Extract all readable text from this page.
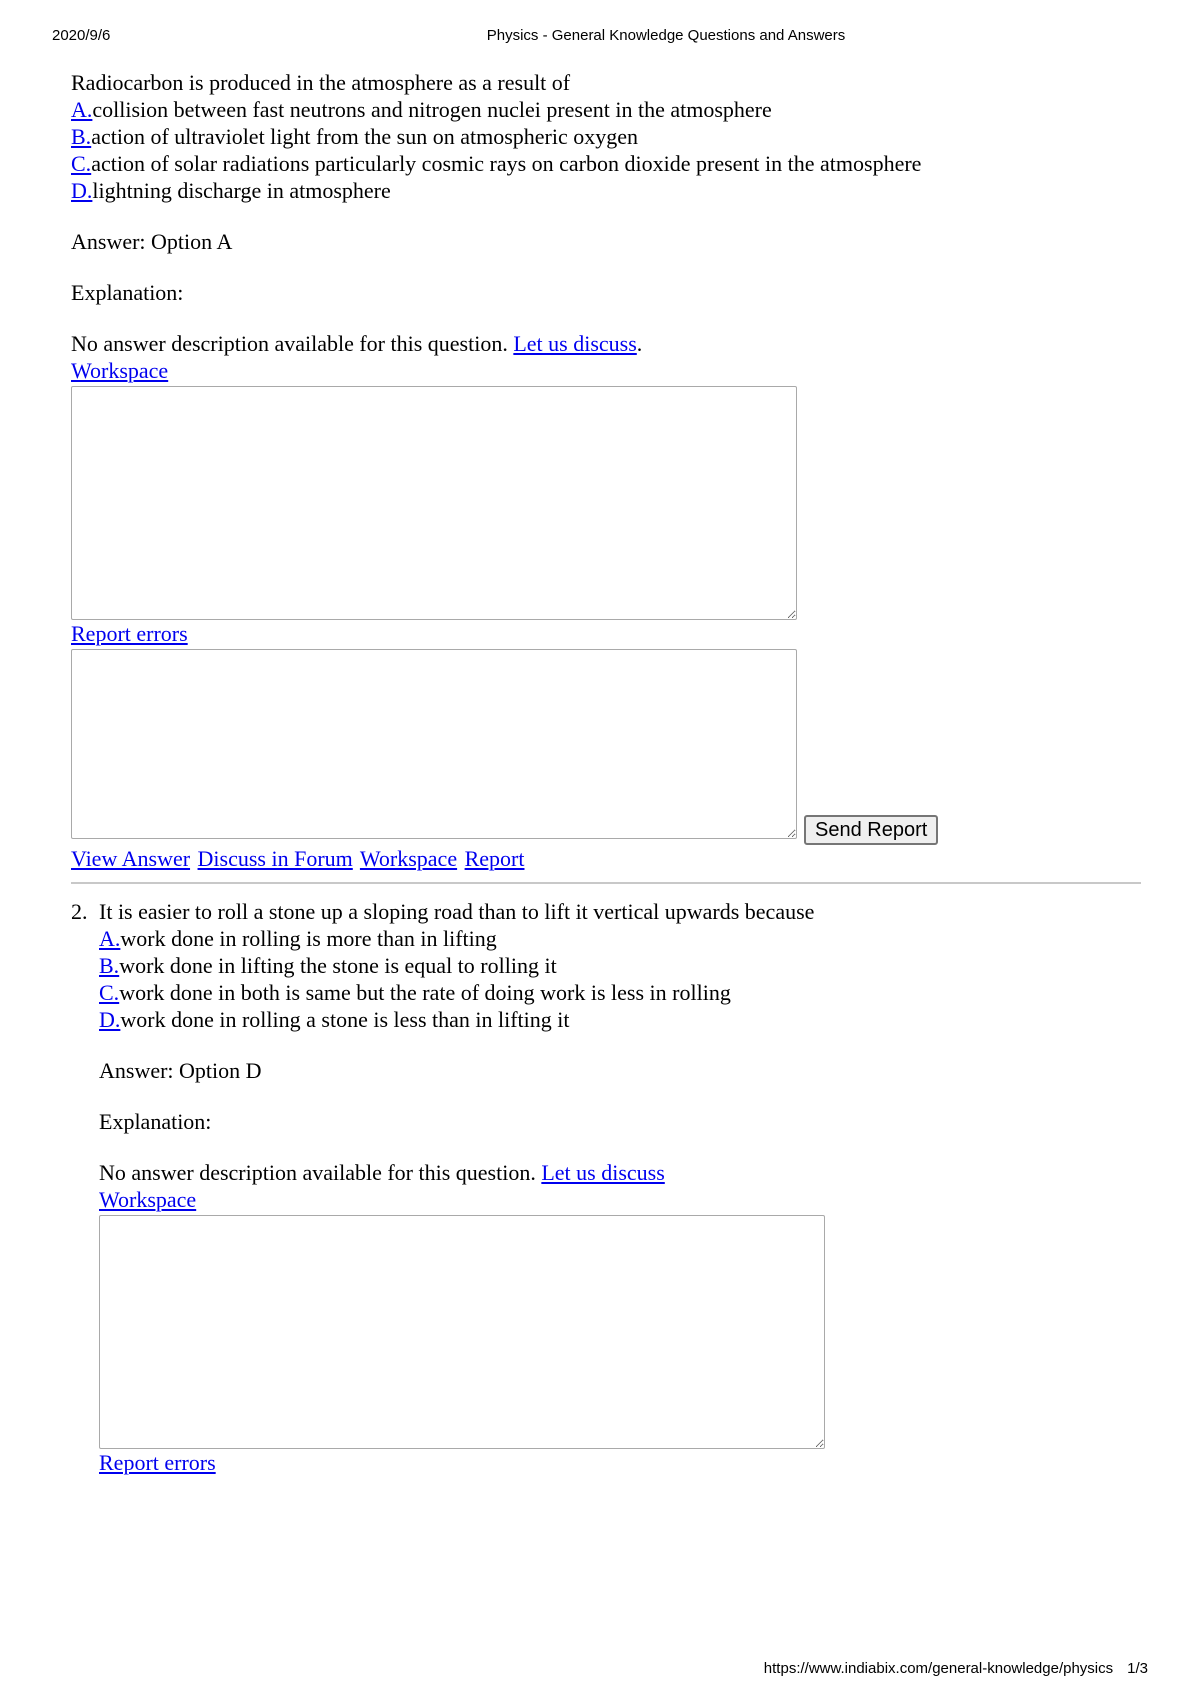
2020/9/6	Physics - General Knowledge Questions and Answers
Radiocarbon is produced in the atmosphere as a result of
A.collision between fast neutrons and nitrogen nuclei present in the atmosphere
B.action of ultraviolet light from the sun on atmospheric oxygen
C.action of solar radiations particularly cosmic rays on carbon dioxide present in the atmosphere
D.lightning discharge in atmosphere
Answer: Option A
Explanation:
No answer description available for this question. Let us discuss.
Workspace
Report errors
Send Report
View Answer Discuss in Forum Workspace Report
2. It is easier to roll a stone up a sloping road than to lift it vertical upwards because
A.work done in rolling is more than in lifting
B.work done in lifting the stone is equal to rolling it
C.work done in both is same but the rate of doing work is less in rolling
D.work done in rolling a stone is less than in lifting it
Answer: Option D
Explanation:
No answer description available for this question. Let us discuss
Workspace
Report errors
https://www.indiabix.com/general-knowledge/physics 1/3
